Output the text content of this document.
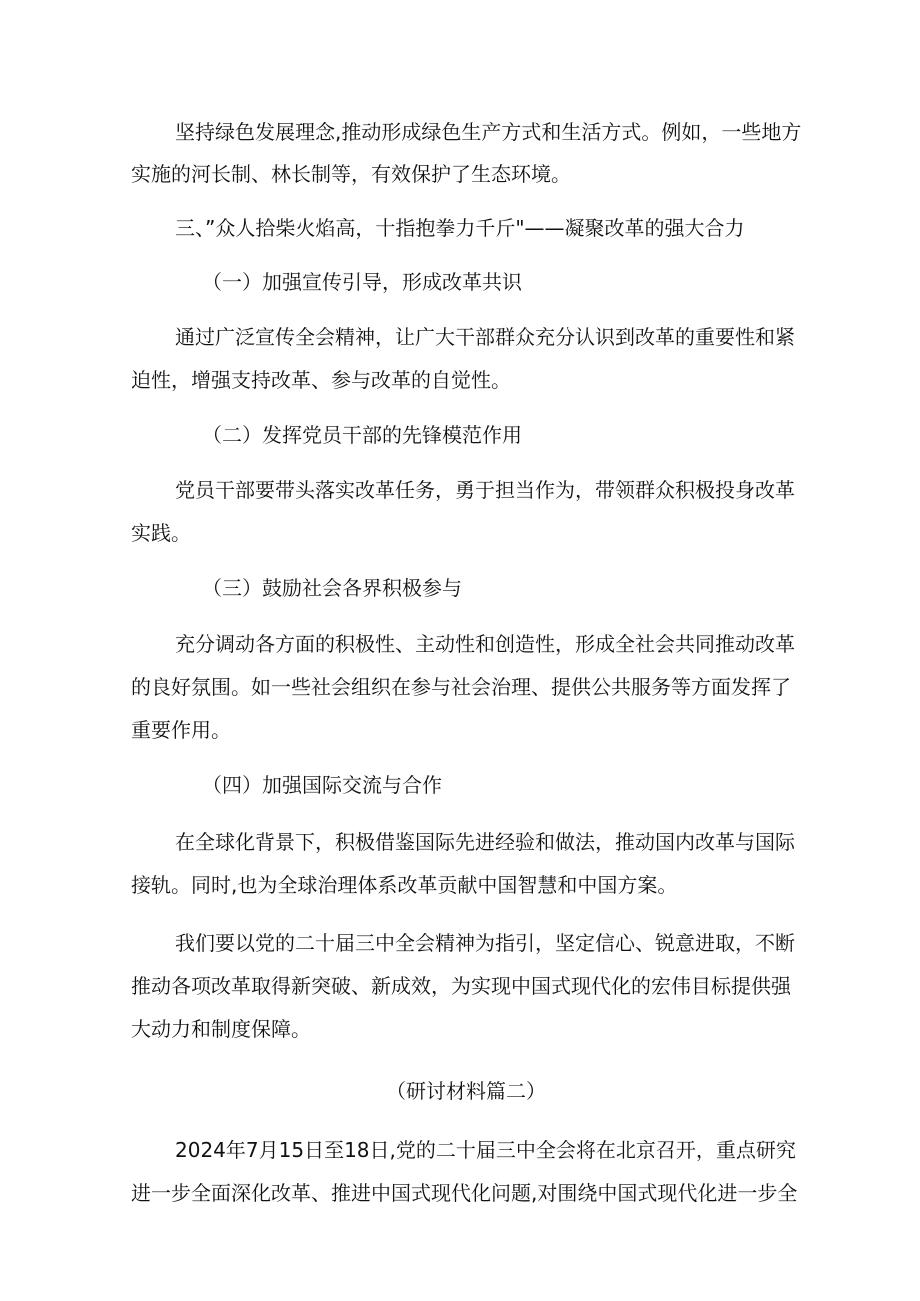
坚持绿色发展理念,推动形成绿色生产方式和生活方式。例如，一些地方
实施的河长制、林长制等，有效保护了生态环境。
三、”众人拾柴火焰高，十指抱拳力千斤"——凝聚改革的强大合力
（一）加强宣传引导，形成改革共识
通过广泛宣传全会精神，让广大干部群众充分认识到改革的重要性和紧
迫性，增强支持改革、参与改革的自觉性。
（二）发挥党员干部的先锋模范作用
党员干部要带头落实改革任务，勇于担当作为，带领群众积极投身改革
实践。
（三）鼓励社会各界积极参与
充分调动各方面的积极性、主动性和创造性，形成全社会共同推动改革
的良好氛围。如一些社会组织在参与社会治理、提供公共服务等方面发挥了
重要作用。
（四）加强国际交流与合作
在全球化背景下，积极借鉴国际先进经验和做法，推动国内改革与国际
接轨。同时,也为全球治理体系改革贡献中国智慧和中国方案。
我们要以党的二十届三中全会精神为指引，坚定信心、锐意进取，不断
推动各项改革取得新突破、新成效，为实现中国式现代化的宏伟目标提供强
大动力和制度保障。
（研讨材料篇二）
2024年7月15日至18日,党的二十届三中全会将在北京召开，重点研究
进一步全面深化改革、推进中国式现代化问题,对围绕中国式现代化进一步全
